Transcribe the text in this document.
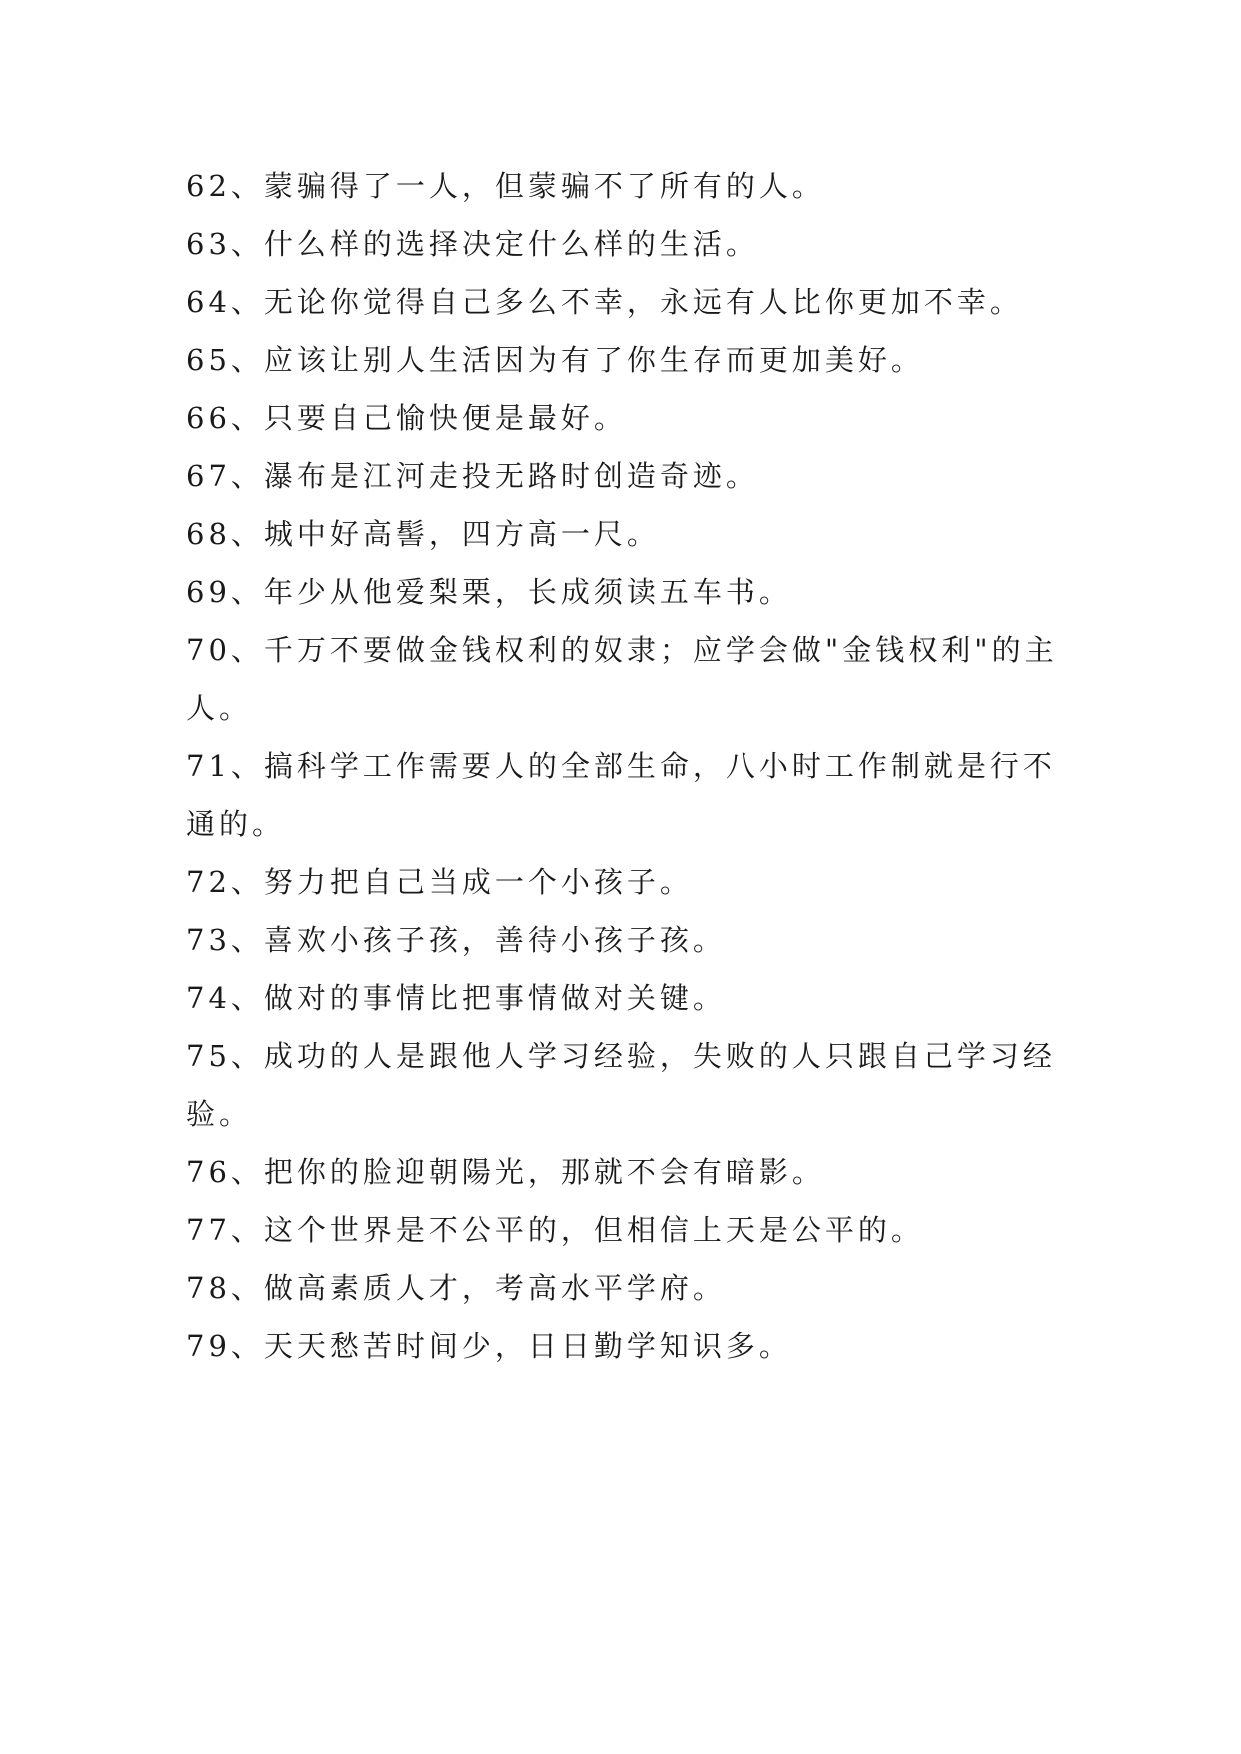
62、蒙骗得了一人，但蒙骗不了所有的人。

63、什么样的选择决定什么样的生活。

64、无论你觉得自己多么不幸，永远有人比你更加不幸。

65、应该让别人生活因为有了你生存而更加美好。

66、只要自己愉快便是最好。

67、瀑布是江河走投无路时创造奇迹。

68、城中好高髻，四方高一尺。

69、年少从他爱梨栗，长成须读五车书。

70、千万不要做金钱权利的奴隶；应学会做"金钱权利"的主人。

71、搞科学工作需要人的全部生命，八小时工作制就是行不通的。

72、努力把自己当成一个小孩子。

73、喜欢小孩子孩，善待小孩子孩。

74、做对的事情比把事情做对关键。

75、成功的人是跟他人学习经验，失败的人只跟自己学习经验。

76、把你的脸迎朝陽光，那就不会有暗影。

77、这个世界是不公平的，但相信上天是公平的。

78、做高素质人才，考高水平学府。

79、天天愁苦时间少，日日勤学知识多。
